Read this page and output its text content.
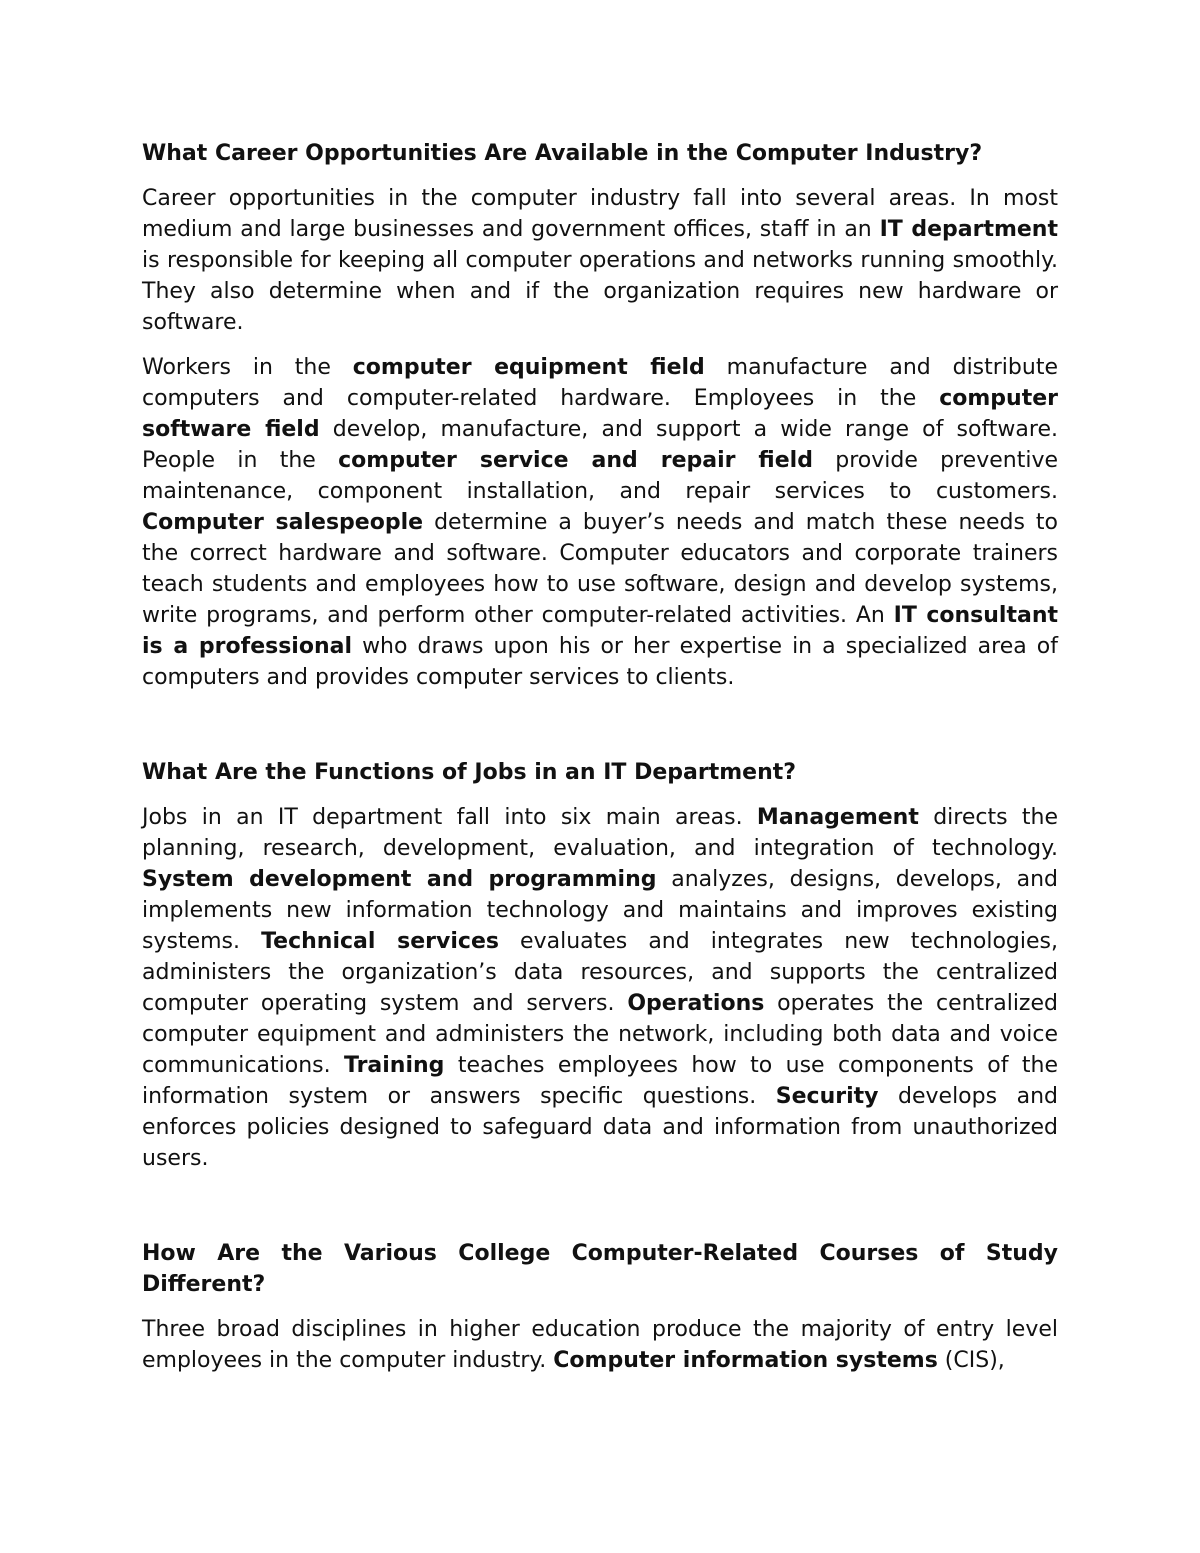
What Career Opportunities Are Available in the Computer Industry?

Career opportunities in the computer industry fall into several areas. In most medium and large businesses and government offices, staff in an IT department is responsible for keeping all computer operations and networks running smoothly. They also determine when and if the organization requires new hardware or software.

Workers in the computer equipment field manufacture and distribute computers and computer-related hardware. Employees in the computer software field develop, manufacture, and support a wide range of software. People in the computer service and repair field provide preventive maintenance, component installation, and repair services to customers. Computer salespeople determine a buyer’s needs and match these needs to the correct hardware and software. Computer educators and corporate trainers teach students and employees how to use software, design and develop systems, write programs, and perform other computer-related activities. An IT consultant is a professional who draws upon his or her expertise in a specialized area of computers and provides computer services to clients.

What Are the Functions of Jobs in an IT Department?

Jobs in an IT department fall into six main areas. Management directs the planning, research, development, evaluation, and integration of technology. System development and programming analyzes, designs, develops, and implements new information technology and maintains and improves existing systems. Technical services evaluates and integrates new technologies, administers the organization’s data resources, and supports the centralized computer operating system and servers. Operations operates the centralized computer equipment and administers the network, including both data and voice communications. Training teaches employees how to use components of the information system or answers specific questions. Security develops and enforces policies designed to safeguard data and information from unauthorized users.

How Are the Various College Computer-Related Courses of Study Different?

Three broad disciplines in higher education produce the majority of entry level employees in the computer industry. Computer information systems (CIS),
